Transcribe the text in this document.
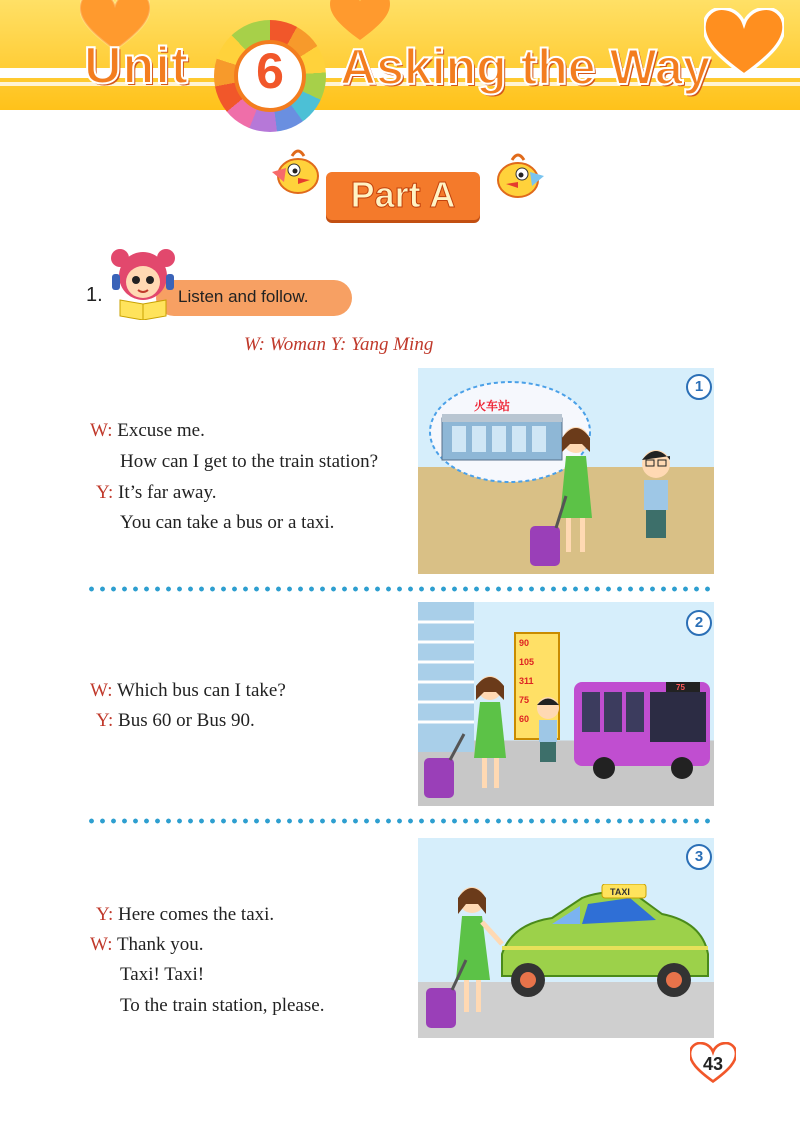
Unit	6	Asking the Way
Part A
1.	Listen and follow.
W: Woman Y: Yang Ming
W: Excuse me.
How can I get to the train station?
Y: It’s far away.
You can take a bus or a taxi.
火车站
1
W: Which bus can I take?
Y: Bus 60 or Bus 90.
90
105
311
75
60
75
2
Y: Here comes the taxi.
W: Thank you.
Taxi! Taxi!
To the train station, please.
TAXI
3
43
